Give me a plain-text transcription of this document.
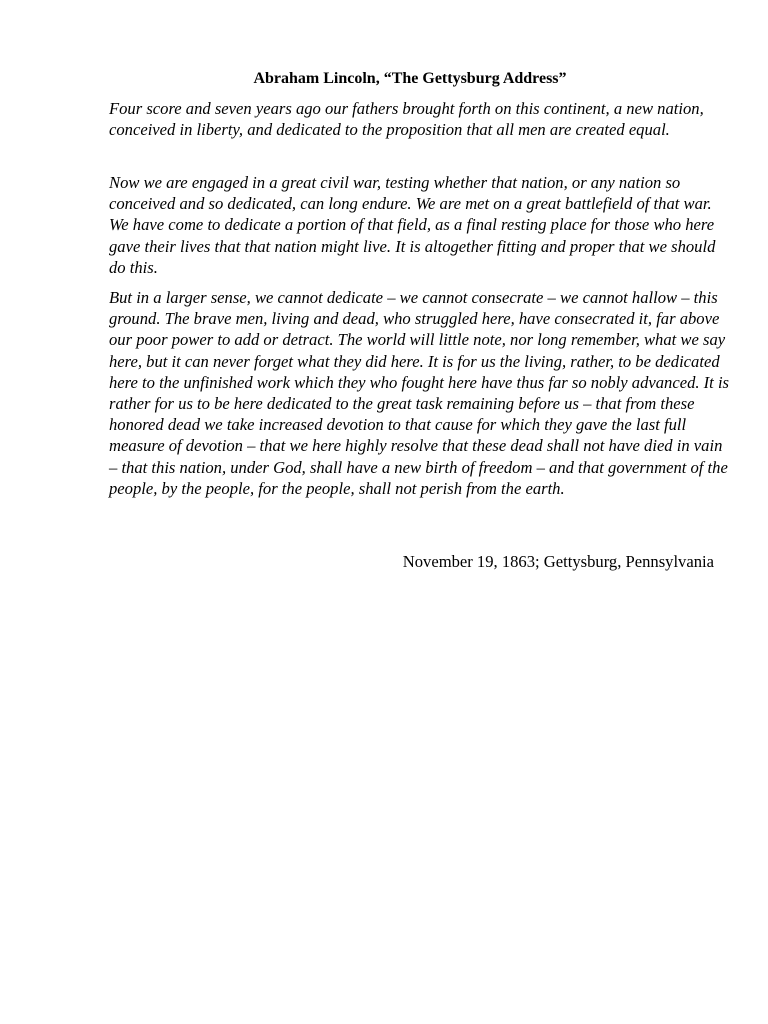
Abraham Lincoln, “The Gettysburg Address”

Four score and seven years ago our fathers brought forth on this continent, a new nation, conceived in liberty, and dedicated to the proposition that all men are created equal.

Now we are engaged in a great civil war, testing whether that nation, or any nation so conceived and so dedicated, can long endure. We are met on a great battlefield of that war. We have come to dedicate a portion of that field, as a final resting place for those who here gave their lives that that nation might live. It is altogether fitting and proper that we should do this.

But in a larger sense, we cannot dedicate – we cannot consecrate – we cannot hallow – this ground. The brave men, living and dead, who struggled here, have consecrated it, far above our poor power to add or detract. The world will little note, nor long remember, what we say here, but it can never forget what they did here. It is for us the living, rather, to be dedicated here to the unfinished work which they who fought here have thus far so nobly advanced. It is rather for us to be here dedicated to the great task remaining before us – that from these honored dead we take increased devotion to that cause for which they gave the last full measure of devotion – that we here highly resolve that these dead shall not have died in vain – that this nation, under God, shall have a new birth of freedom – and that government of the people, by the people, for the people, shall not perish from the earth.

November 19, 1863; Gettysburg, Pennsylvania
